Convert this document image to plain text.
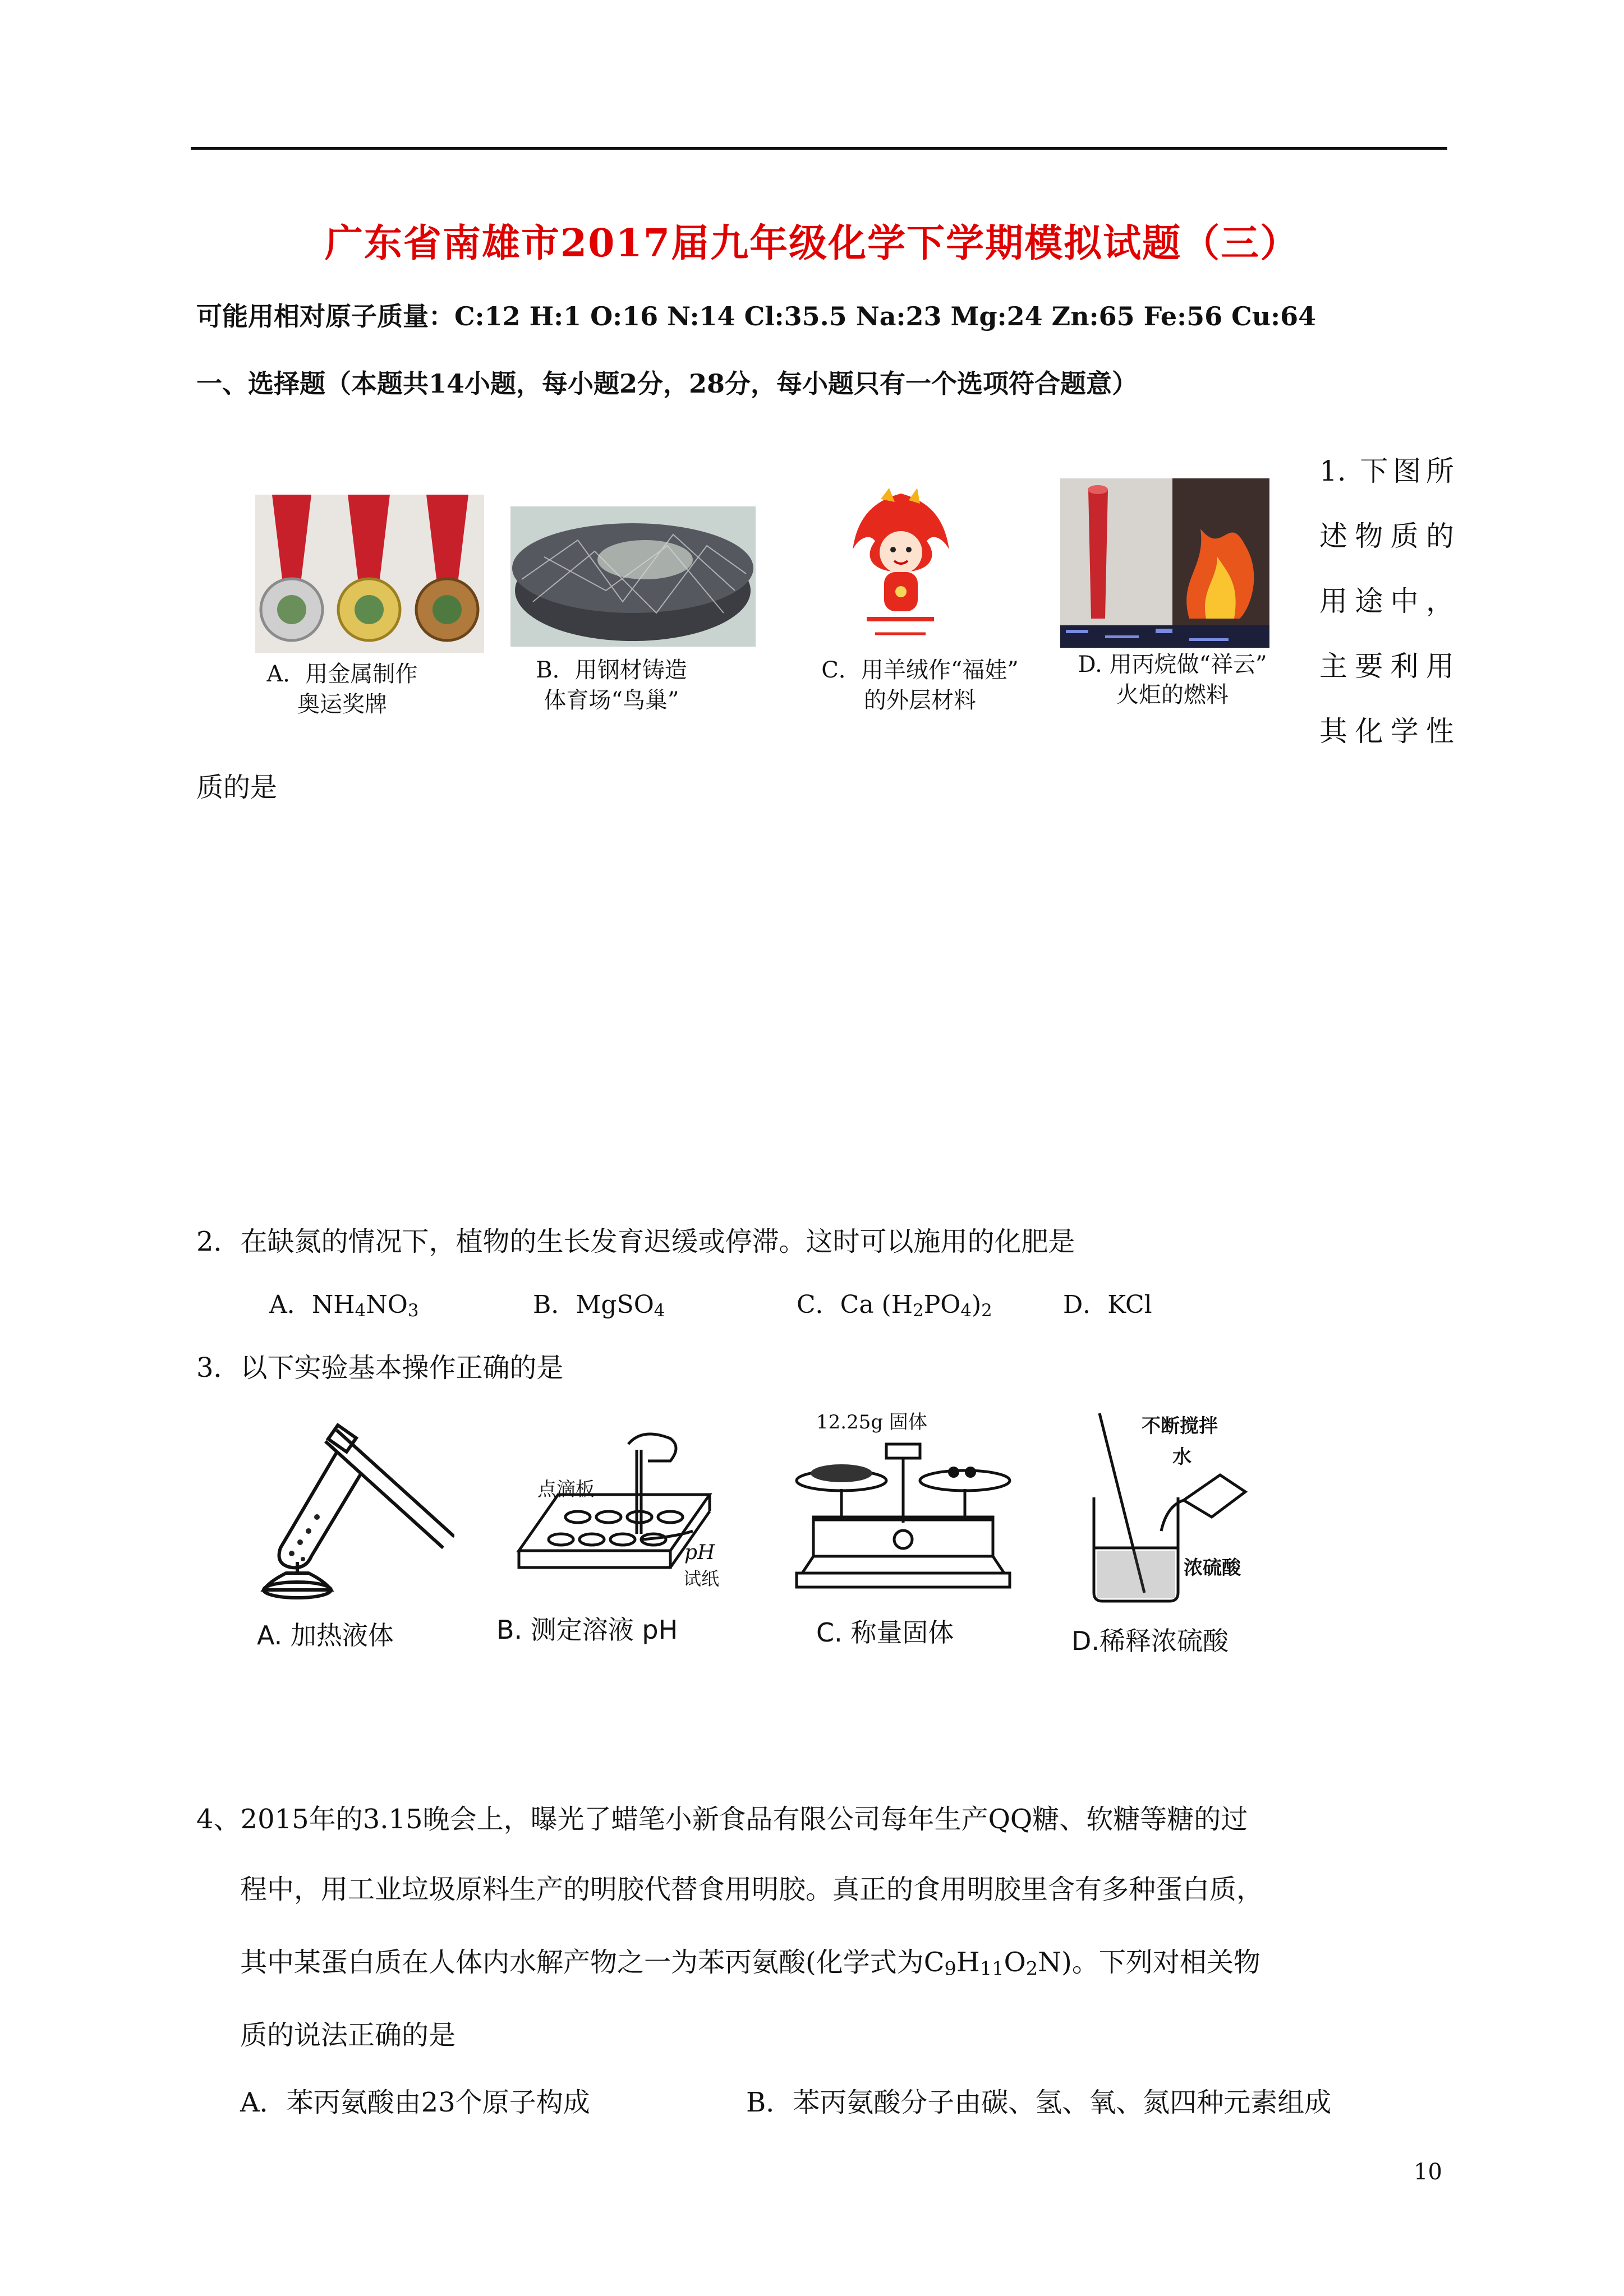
广东省南雄市2017届九年级化学下学期模拟试题（三）
可能用相对原子质量：C:12 H:1 O:16 N:14 Cl:35.5 Na:23 Mg:24 Zn:65 Fe:56 Cu:64
一、选择题（本题共14小题，每小题2分，28分，每小题只有一个选项符合题意）
A．用金属制作
奥运奖牌
B．用钢材铸造
体育场“鸟巢”
C．用羊绒作“福娃”
的外层材料
D. 用丙烷做“祥云”
火炬的燃料
1. 下图所
述物质的
用途中，
主要利用
其化学性
质的是
2．在缺氮的情况下，植物的生长发育迟缓或停滞。这时可以施用的化肥是
A．$NH_4NO_3$	B．MgSO$_4$	C．Ca $(H_2PO_4)_2$	D．KCl
3．以下实验基本操作正确的是
点滴板
pH
试纸
12.25g 固体	不断搅拌
水
浓硫酸
A. 加热液体	B. 测定溶液 pH	C. 称量固体	D.稀释浓硫酸
4、2015年的3.15晚会上，曝光了蜡笔小新食品有限公司每年生产QQ糖、软糖等糖的过
程中，用工业垃圾原料生产的明胶代替食用明胶。真正的食用明胶里含有多种蛋白质，
其中某蛋白质在人体内水解产物之一为苯丙氨酸(化学式为C9H11O2N)。下列对相关物
质的说法正确的是
A．苯丙氨酸由23个原子构成	B．苯丙氨酸分子由碳、氢、氧、氮四种元素组成
10
